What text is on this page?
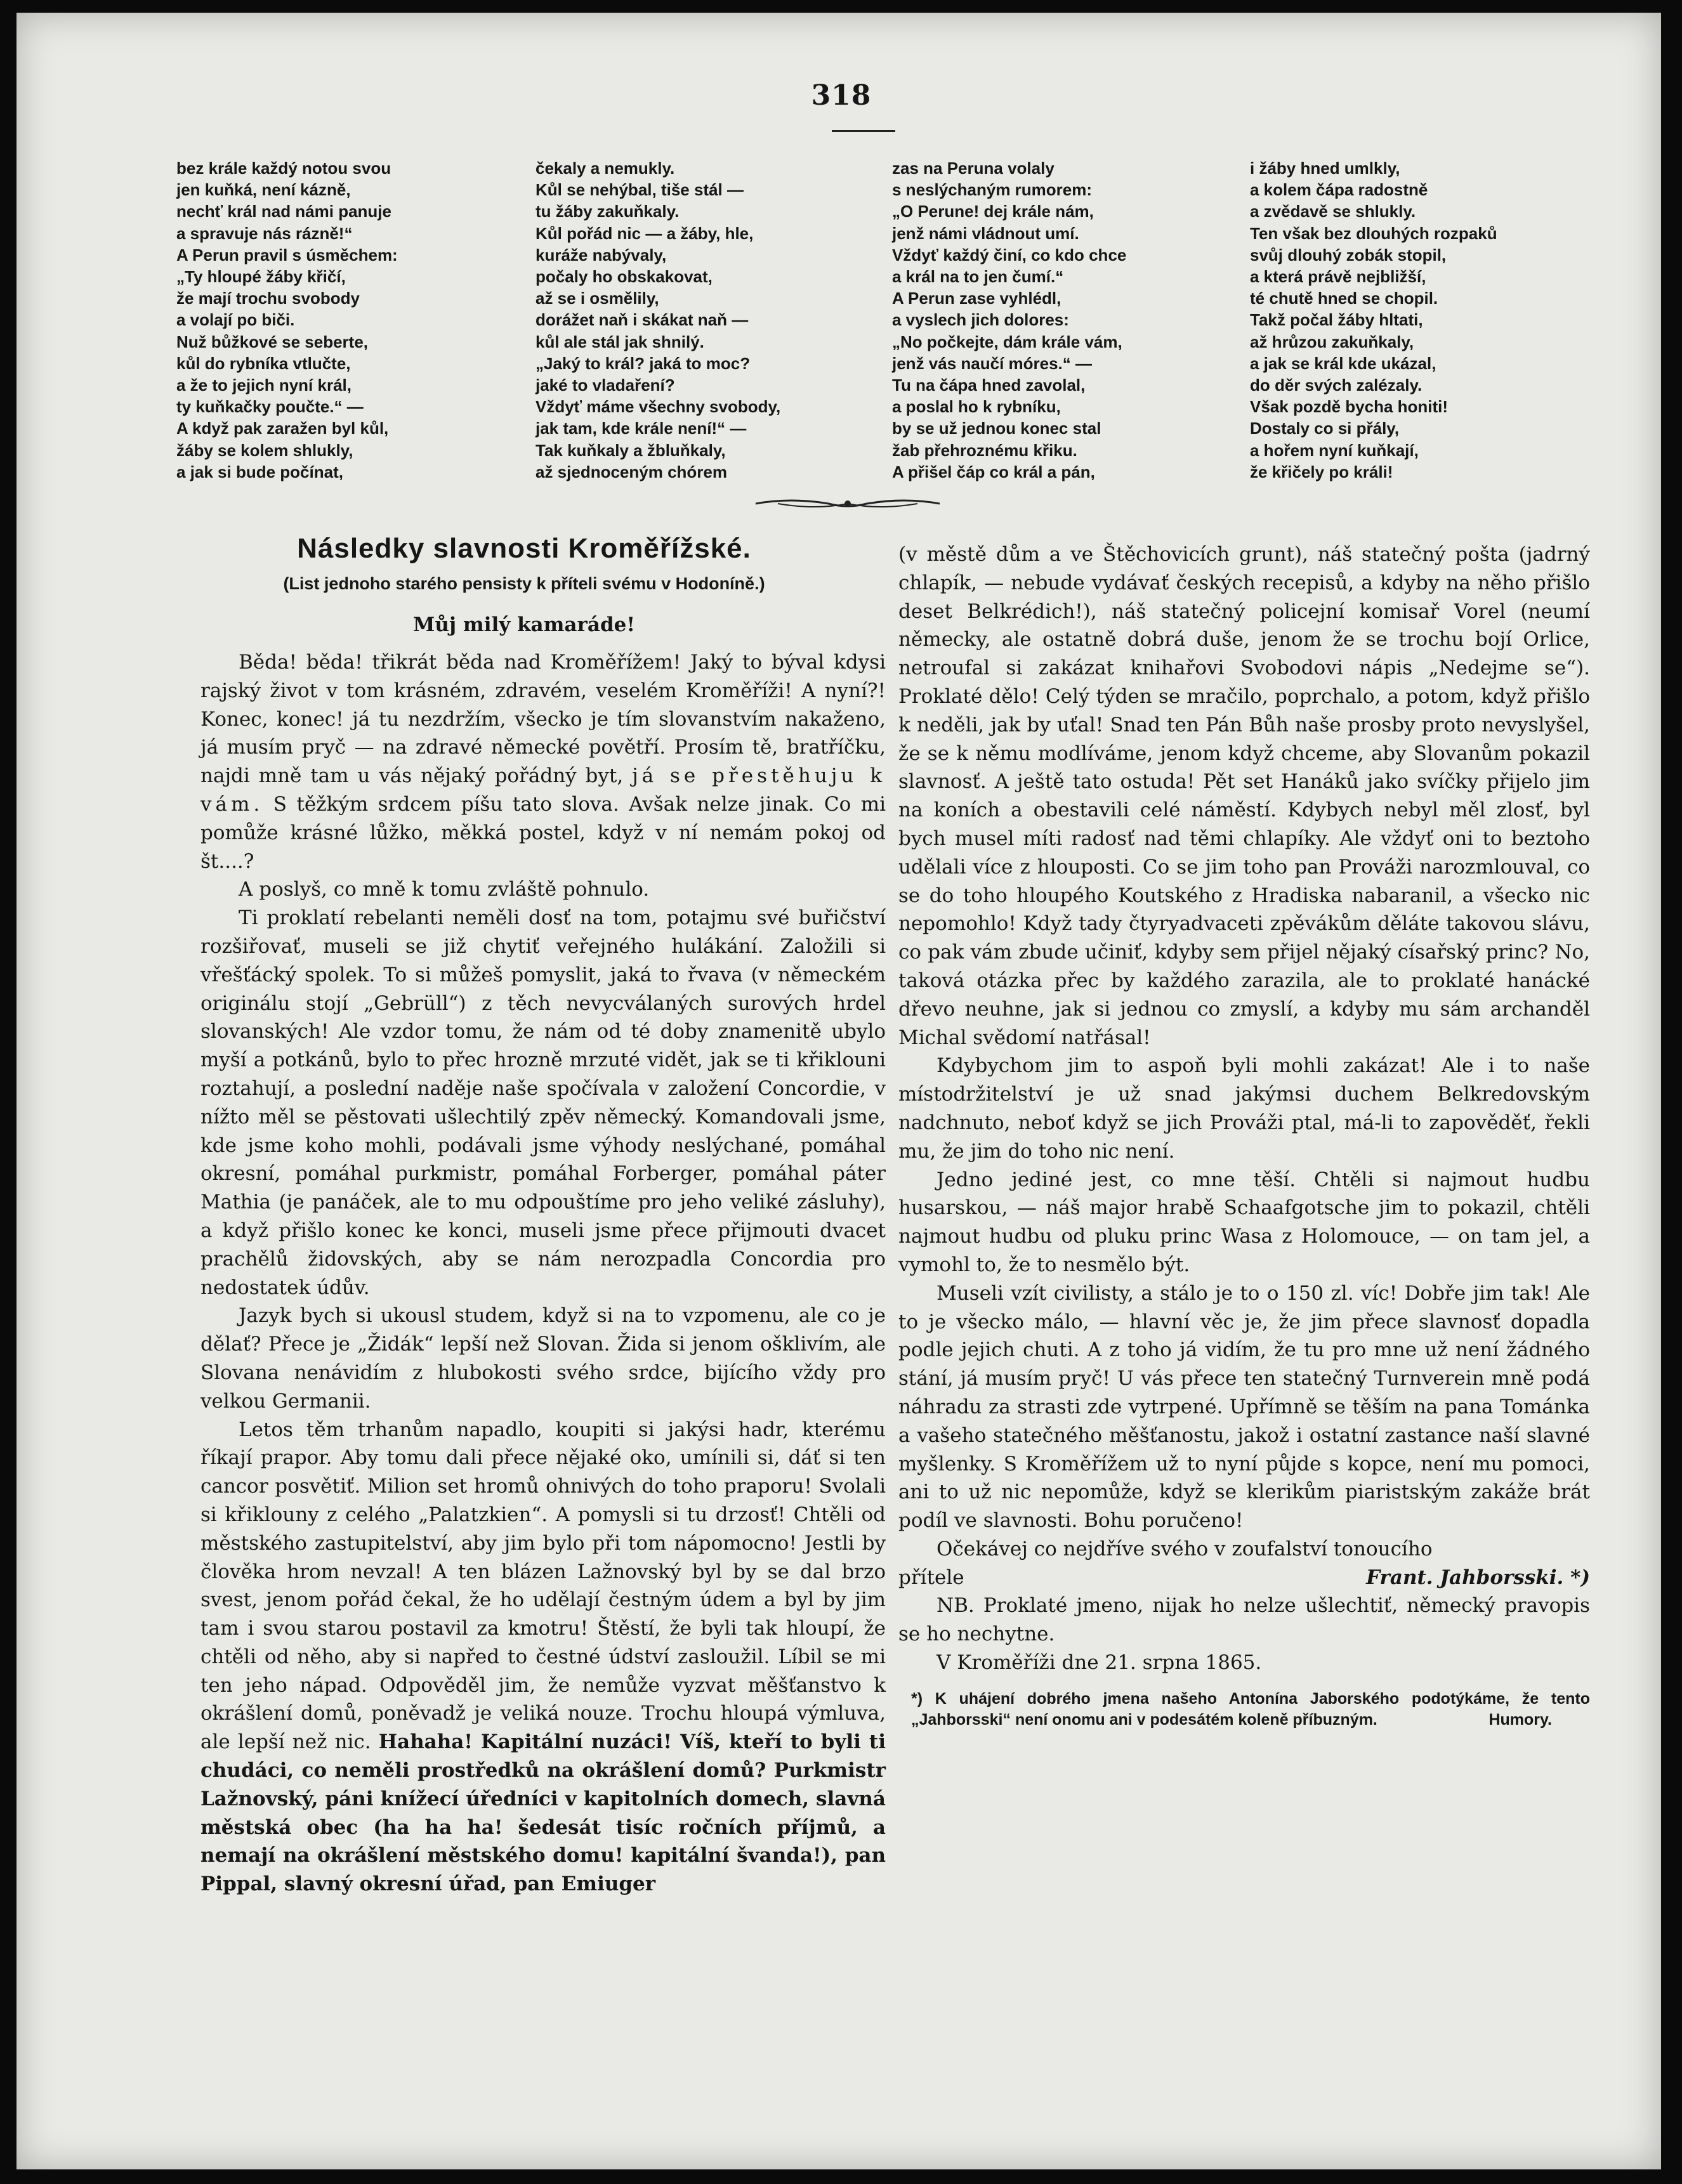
318
bez krále každý notou svou
jen kuňká, není kázně,
nechť král nad námi panuje
a spravuje nás rázně!“
A Perun pravil s úsměchem:
„Ty hloupé žáby křičí,
že mají trochu svobody
a volají po biči.
Nuž bůžkové se seberte,
kůl do rybníka vtlučte,
a že to jejich nyní král,
ty kuňkačky poučte.“ —
A když pak zaražen byl kůl,
žáby se kolem shlukly,
a jak si bude počínat,
čekaly a nemukly.
Kůl se nehýbal, tiše stál —
tu žáby zakuňkaly.
Kůl pořád nic — a žáby, hle,
kuráže nabývaly,
počaly ho obskakovat,
až se i osmělily,
dorážet naň i skákat naň —
kůl ale stál jak shnilý.
„Jaký to král? jaká to moc?
jaké to vladaření?
Vždyť máme všechny svobody,
jak tam, kde krále není!“ —
Tak kuňkaly a žbluňkaly,
až sjednoceným chórem
zas na Peruna volaly
s neslýchaným rumorem:
„O Perune! dej krále nám,
jenž námi vládnout umí.
Vždyť každý činí, co kdo chce
a král na to jen čumí.“
A Perun zase vyhlédl,
a vyslech jich dolores:
„No počkejte, dám krále vám,
jenž vás naučí móres.“ —
Tu na čápa hned zavolal,
a poslal ho k rybníku,
by se už jednou konec stal
žab přehroznému křiku.
A přišel čáp co král a pán,
i žáby hned umlkly,
a kolem čápa radostně
a zvědavě se shlukly.
Ten však bez dlouhých rozpaků
svůj dlouhý zobák stopil,
a která právě nejbližší,
té chutě hned se chopil.
Takž počal žáby hltati,
až hrůzou zakuňkaly,
a jak se král kde ukázal,
do děr svých zalézaly.
Však pozdě bycha honiti!
Dostaly co si přály,
a hořem nyní kuňkají,
že křičely po králi!
Následky slavnosti Kroměřížské.
(List jednoho starého pensisty k příteli svému v Hodoníně.)
Můj milý kamaráde!

Běda! běda! třikrát běda nad Kroměřížem! Jaký to býval kdysi rajský život v tom krásném, zdravém, veselém Kroměříži! A nyní?! Konec, konec! já tu nezdržím, všecko je tím slovanstvím nakaženo, já musím pryč — na zdravé německé povětří. Prosím tě, bratříčku, najdi mně tam u vás nějaký pořádný byt, já se přestěhuju k vám. S těžkým srdcem píšu tato slova. Avšak nelze jinak. Co mi pomůže krásné lůžko, měkká postel, když v ní nemám pokoj od št....?

A poslyš, co mně k tomu zvláště pohnulo.

Ti proklatí rebelanti neměli dosť na tom, potajmu své buřičství rozšiřovať, museli se již chytiť veřejného hulákání. Založili si vřešťácký spolek. To si můžeš pomyslit, jaká to řvava (v německém originálu stojí „Gebrüll“) z těch nevycválaných surových hrdel slovanských! Ale vzdor tomu, že nám od té doby znamenitě ubylo myší a potkánů, bylo to přec hrozně mrzuté vidět, jak se ti křiklouni roztahují, a poslední naděje naše spočívala v založení Concordie, v nížto měl se pěstovati ušlechtilý zpěv německý. Komandovali jsme, kde jsme koho mohli, podávali jsme výhody neslýchané, pomáhal okresní, pomáhal purkmistr, pomáhal Forberger, pomáhal páter Mathia (je panáček, ale to mu odpouštíme pro jeho veliké zásluhy), a když přišlo konec ke konci, museli jsme přece přijmouti dvacet prachělů židovských, aby se nám nerozpadla Concordia pro nedostatek údův.

Jazyk bych si ukousl studem, když si na to vzpomenu, ale co je dělať? Přece je „Židák“ lepší než Slovan. Žida si jenom ošklivím, ale Slovana nenávidím z hlubokosti svého srdce, bijícího vždy pro velkou Germanii.

Letos těm trhanům napadlo, koupiti si jakýsi hadr, kterému říkají prapor. Aby tomu dali přece nějaké oko, umínili si, dáť si ten cancor posvětiť. Milion set hromů ohnivých do toho praporu! Svolali si křiklouny z celého „Palatzkien“. A pomysli si tu drzosť! Chtěli od městského zastupitelství, aby jim bylo při tom nápomocno! Jestli by člověka hrom nevzal! A ten blázen Lažnovský byl by se dal brzo svest, jenom pořád čekal, že ho udělají čestným údem a byl by jim tam i svou starou postavil za kmotru! Štěstí, že byli tak hloupí, že chtěli od něho, aby si napřed to čestné údství zasloužil. Líbil se mi ten jeho nápad. Odpověděl jim, že nemůže vyzvat měšťanstvo k okrášlení domů, poněvadž je veliká nouze. Trochu hloupá výmluva, ale lepší než nic. Hahaha! Kapitální nuzáci! Víš, kteří to byli ti chudáci, co neměli prostředků na okrášlení domů? Purkmistr Lažnovský, páni knížecí úředníci v kapitolních domech, slavná městská obec (ha ha ha! šedesát tisíc ročních příjmů, a nemají na okrášlení městského domu! kapitální švanda!), pan Pippal, slavný okresní úřad, pan Emiuger

(v městě dům a ve Štěchovicích grunt), náš statečný pošta (jadrný chlapík, — nebude vydávať českých recepisů, a kdyby na něho přišlo deset Belkrédich!), náš statečný policejní komisař Vorel (neumí německy, ale ostatně dobrá duše, jenom že se trochu bojí Orlice, netroufal si zakázat knihařovi Svobodovi nápis „Nedejme se“). Proklaté dělo! Celý týden se mračilo, poprchalo, a potom, když přišlo k neděli, jak by uťal! Snad ten Pán Bůh naše prosby proto nevyslyšel, že se k němu modlíváme, jenom když chceme, aby Slovanům pokazil slavnosť. A ještě tato ostuda! Pět set Hanáků jako svíčky přijelo jim na koních a obestavili celé náměstí. Kdybych nebyl měl zlosť, byl bych musel míti radosť nad těmi chlapíky. Ale vždyť oni to beztoho udělali více z hlouposti. Co se jim toho pan Prováži narozmlouval, co se do toho hloupého Koutského z Hradiska nabaranil, a všecko nic nepomohlo! Když tady čtyryadvaceti zpěvákům děláte takovou slávu, co pak vám zbude učiniť, kdyby sem přijel nějaký císařský princ? No, taková otázka přec by každého zarazila, ale to proklaté hanácké dřevo neuhne, jak si jednou co zmyslí, a kdyby mu sám archanděl Michal svědomí natřásal!

Kdybychom jim to aspoň byli mohli zakázat! Ale i to naše místodržitelství je už snad jakýmsi duchem Belkredovským nadchnuto, neboť když se jich Prováži ptal, má-li to zapověděť, řekli mu, že jim do toho nic není.

Jedno jediné jest, co mne těší. Chtěli si najmout hudbu husarskou, — náš major hrabě Schaafgotsche jim to pokazil, chtěli najmout hudbu od pluku princ Wasa z Holomouce, — on tam jel, a vymohl to, že to nesmělo být.

Museli vzít civilisty, a stálo je to o 150 zl. víc! Dobře jim tak! Ale to je všecko málo, — hlavní věc je, že jim přece slavnosť dopadla podle jejich chuti. A z toho já vidím, že tu pro mne už není žádného stání, já musím pryč! U vás přece ten statečný Turnverein mně podá náhradu za strasti zde vytrpené. Upřímně se těším na pana Tománka a vašeho statečného měšťanostu, jakož i ostatní zastance naší slavné myšlenky. S Kroměřížem už to nyní půjde s kopce, není mu pomoci, ani to už nic nepomůže, když se klerikům piaristským zakáže brát podíl ve slavnosti. Bohu poručeno!

Očekávej co nejdříve svého v zoufalství tonoucího

přítele	Frant. Jahborsski. *)

NB. Proklaté jmeno, nijak ho nelze ušlechtiť, německý pravopis se ho nechytne.

V Kroměříži dne 21. srpna 1865.

*) K uhájení dobrého jmena našeho Antonína Jaborského podotýkáme, že tento „Jahborsski“ není onomu ani v podesátém koleně příbuzným.	Humory.
